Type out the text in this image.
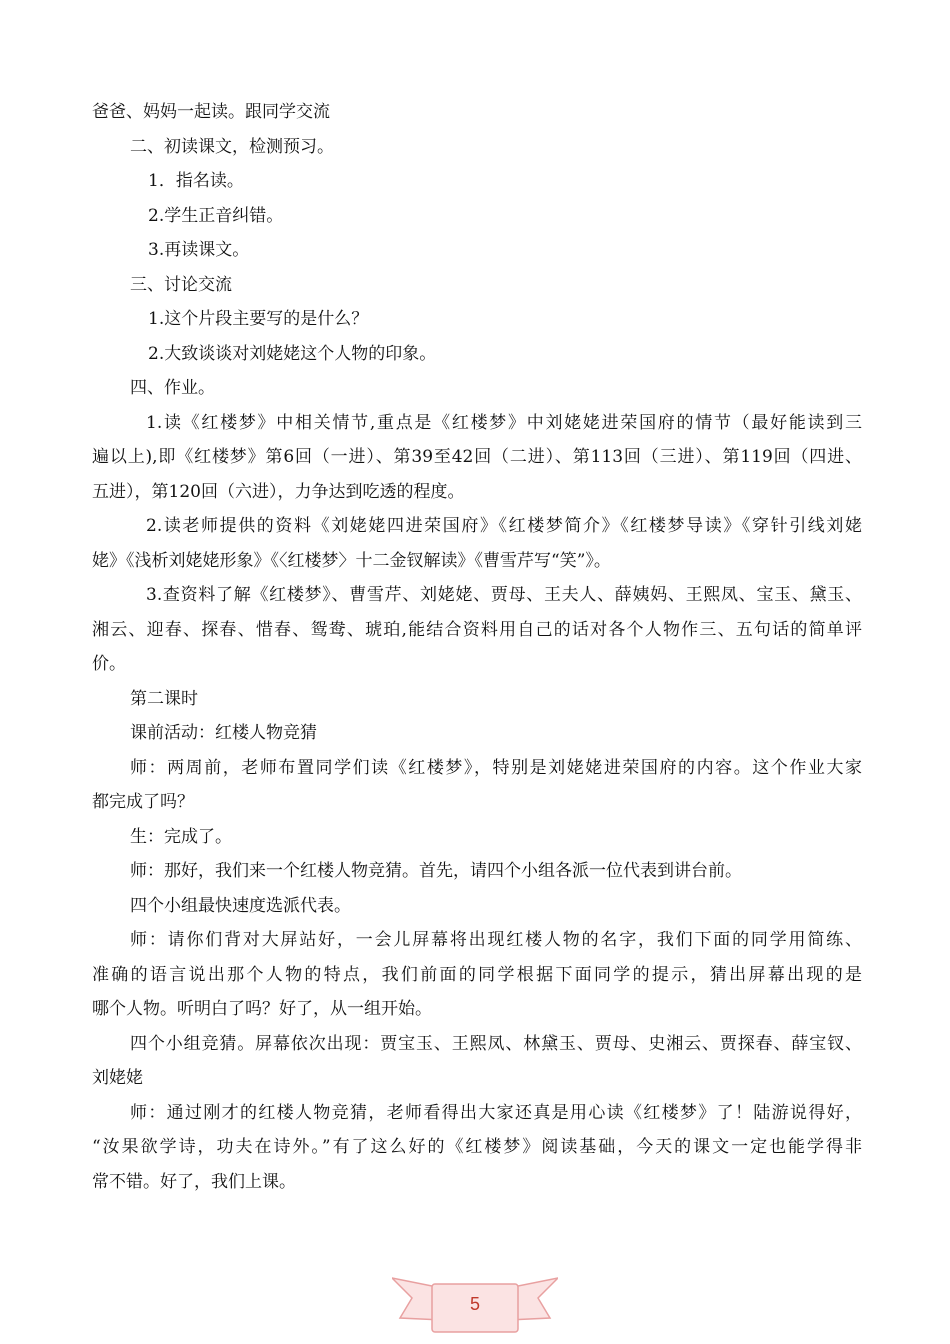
爸爸、妈妈一起读。跟同学交流
二、初读课文，检测预习。
1．指名读。
2.学生正音纠错。
3.再读课文。
三、讨论交流
1.这个片段主要写的是什么？
2.大致谈谈对刘姥姥这个人物的印象。
四、作业。
1.读《红楼梦》中相关情节,重点是《红楼梦》中刘姥姥进荣国府的情节（最好能读到三
遍以上),即《红楼梦》第6回（一进）、第39至42回（二进）、第113回（三进）、第119回（四进、
五进），第120回（六进），力争达到吃透的程度。
2.读老师提供的资料《刘姥姥四进荣国府》《红楼梦简介》《红楼梦导读》《穿针引线刘姥
姥》《浅析刘姥姥形象》《〈红楼梦〉十二金钗解读》《曹雪芹写“笑”》。
3.查资料了解《红楼梦》、曹雪芹、刘姥姥、贾母、王夫人、薛姨妈、王熙凤、宝玉、黛玉、
湘云、迎春、探春、惜春、鸳鸯、琥珀,能结合资料用自己的话对各个人物作三、五句话的简单评
价。
第二课时
课前活动：红楼人物竞猜
师：两周前，老师布置同学们读《红楼梦》，特别是刘姥姥进荣国府的内容。这个作业大家
都完成了吗？
生：完成了。
师：那好，我们来一个红楼人物竞猜。首先，请四个小组各派一位代表到讲台前。
四个小组最快速度选派代表。
师：请你们背对大屏站好，一会儿屏幕将出现红楼人物的名字，我们下面的同学用简练、
准确的语言说出那个人物的特点，我们前面的同学根据下面同学的提示，猜出屏幕出现的是
哪个人物。听明白了吗？好了，从一组开始。
四个小组竞猜。屏幕依次出现：贾宝玉、王熙凤、林黛玉、贾母、史湘云、贾探春、薛宝钗、
刘姥姥
师：通过刚才的红楼人物竞猜，老师看得出大家还真是用心读《红楼梦》了！陆游说得好，
“汝果欲学诗，功夫在诗外。”有了这么好的《红楼梦》阅读基础，今天的课文一定也能学得非
常不错。好了，我们上课。
5
